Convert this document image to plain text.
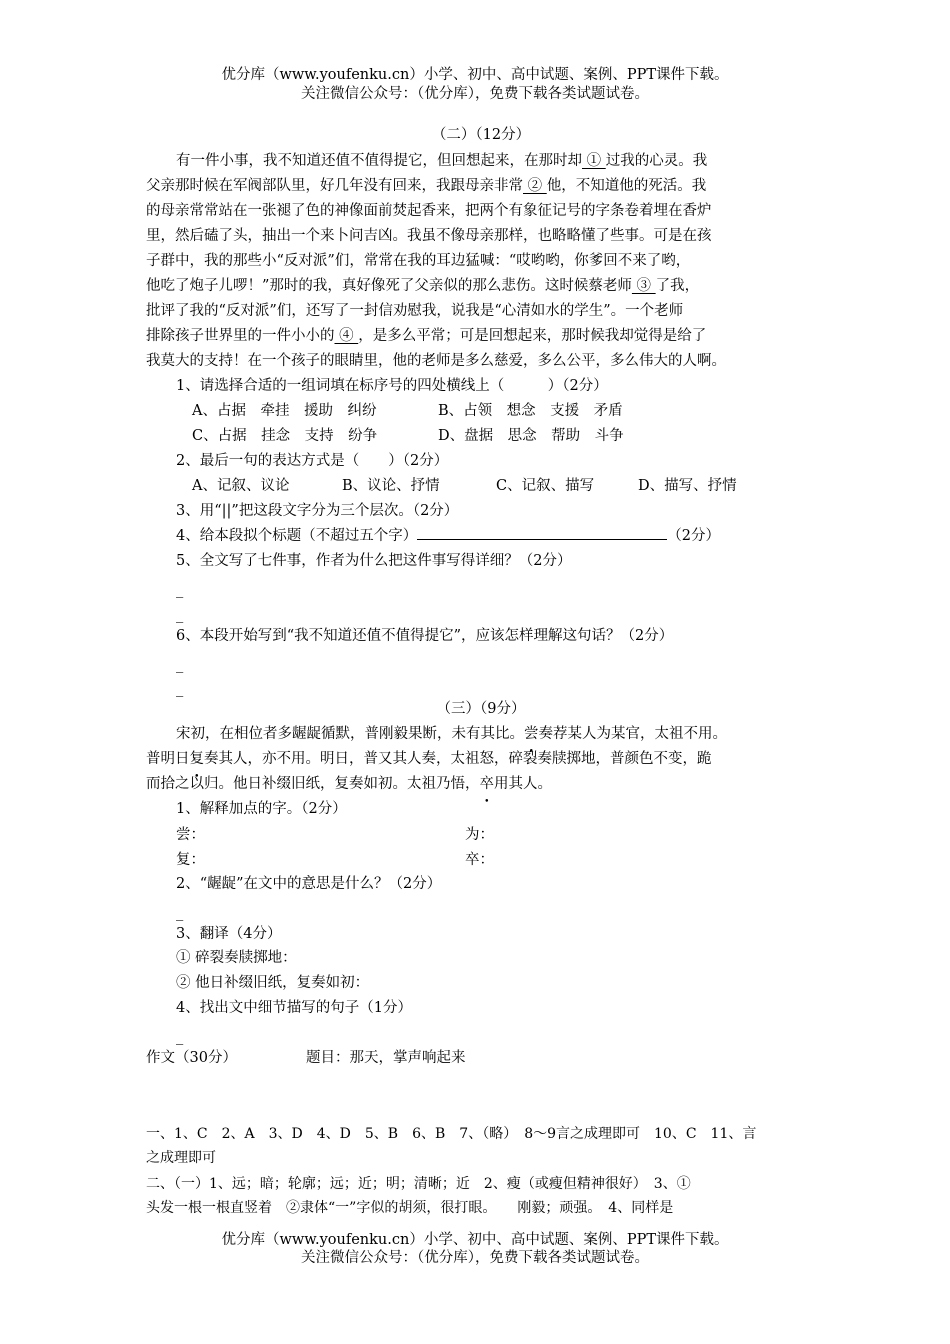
优分库（www.youfenku.cn）小学、初中、高中试题、案例、PPT课件下载。
关注微信公众号：（优分库），免费下载各类试题试卷。
（二）（12分）
有一件小事，我不知道还值不值得提它，但回想起来，在那时却 ① 过我的心灵。我
父亲那时候在军阀部队里，好几年没有回来，我跟母亲非常 ② 他，不知道他的死活。我
的母亲常常站在一张褪了色的神像面前焚起香来，把两个有象征记号的字条卷着埋在香炉
里，然后磕了头，抽出一个来卜问吉凶。我虽不像母亲那样，也略略懂了些事。可是在孩
子群中，我的那些小“反对派”们，常常在我的耳边猛喊：“哎哟哟，你爹回不来了哟，
他吃了炮子儿啰！”那时的我，真好像死了父亲似的那么悲伤。这时候蔡老师 ③ 了我，
批评了我的“反对派”们，还写了一封信劝慰我，说我是“心清如水的学生”。一个老师
排除孩子世界里的一件小小的 ④ ，是多么平常；可是回想起来，那时候我却觉得是给了
我莫大的支持！在一个孩子的眼睛里，他的老师是多么慈爱，多么公平，多么伟大的人啊。
1、请选择合适的一组词填在标序号的四处横线上（　　　）（2分）
A、占据　牵挂　援助　纠纷	B、占领　想念　支援　矛盾
C、占据　挂念　支持　纷争	D、盘据　思念　帮助　斗争
2、最后一句的表达方式是（　　）（2分）
A、记叙、议论	B、议论、抒情	C、记叙、描写	D、描写、抒情
3、用“||”把这段文字分为三个层次。（2分）
4、给本段拟个标题（不超过五个字）	（2分）
5、全文写了七件事，作者为什么把这件事写得详细？（2分）
_
_
6、本段开始写到“我不知道还值不值得提它”，应该怎样理解这句话？（2分）
_
_
（三）（9分）
宋初，在相位者多龌龊循默，普刚毅果断，未有其比。尝奏荐某人为某官，太祖不用。
普明日复奏其人，亦不用。明日，普又其人奏，太祖怒，碎裂奏牍掷地，普颜色不变，跪
而拾之以归。他日补缀旧纸，复奏如初。太祖乃悟，卒用其人。
1、解释加点的字。（2分）
尝：	为：
复：	卒：
2、“龌龊”在文中的意思是什么？（2分）
_
3、翻译（4分）
① 碎裂奏牍掷地：
② 他日补缀旧纸，复奏如初：
4、找出文中细节描写的句子（1分）
_
作文（30分）	题目：那天，掌声响起来
一、1、C　2、A　3、D　4、D　5、B　6、B　7、（略）　8～9言之成理即可　10、C　11、言
之成理即可
二、（一）1、远；暗；轮廓；远；近；明；清晰；近　2、瘦（或瘦但精神很好）　3、①
头发一根一根直竖着　②隶体“一”字似的胡须，很打眼。　　刚毅；顽强。　4、同样是
优分库（www.youfenku.cn）小学、初中、高中试题、案例、PPT课件下载。
关注微信公众号：（优分库），免费下载各类试题试卷。
